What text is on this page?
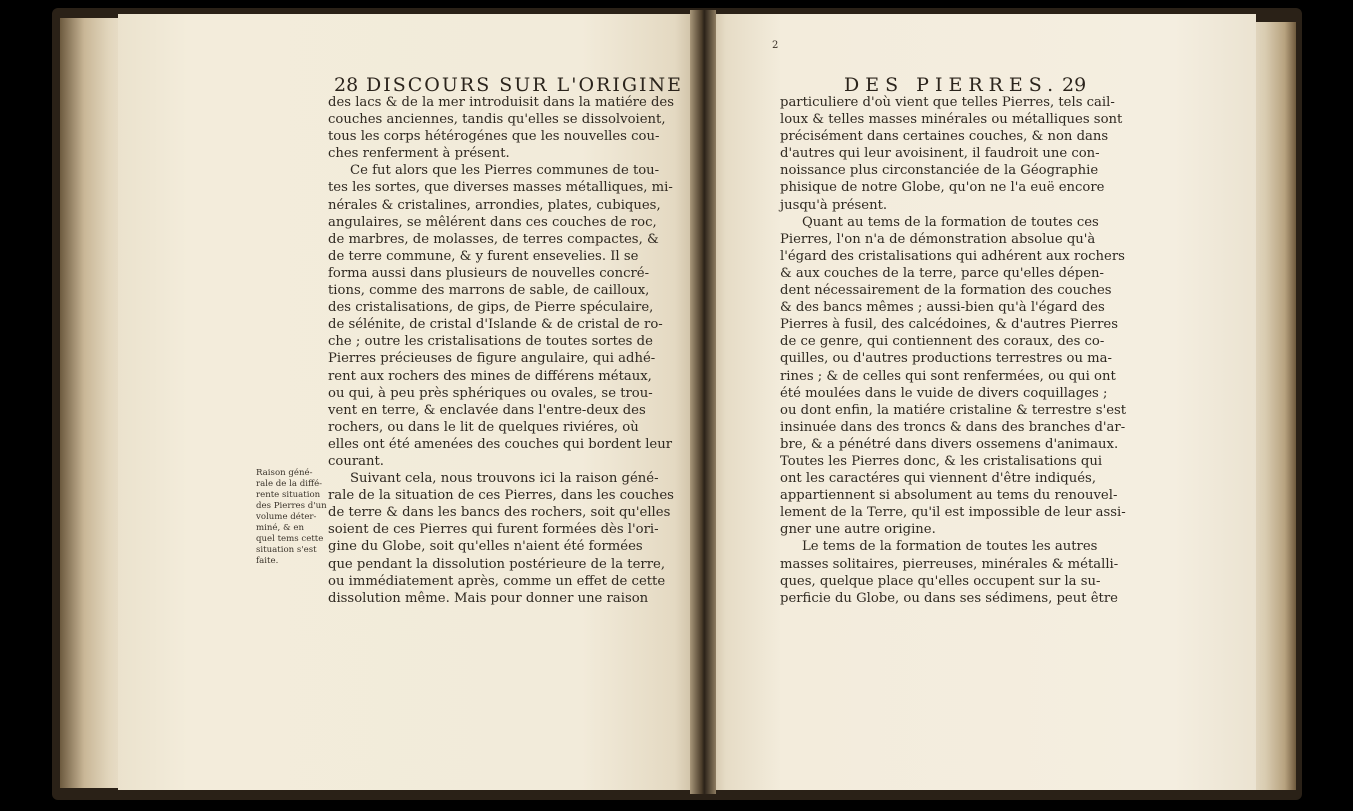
28 DISCOURS SUR L'ORIGINE
des lacs & de la mer introduisit dans la matiére des
couches anciennes, tandis qu'elles se dissolvoient,
tous les corps hétérogénes que les nouvelles cou-
ches renferment à présent.
Ce fut alors que les Pierres communes de tou-
tes les sortes, que diverses masses métalliques, mi-
nérales & cristalines, arrondies, plates, cubiques,
angulaires, se mêlérent dans ces couches de roc,
de marbres, de molasses, de terres compactes, &
de terre commune, & y furent ensevelies. Il se
forma aussi dans plusieurs de nouvelles concré-
tions, comme des marrons de sable, de cailloux,
des cristalisations, de gips, de Pierre spéculaire,
de sélénite, de cristal d'Islande & de cristal de ro-
che ; outre les cristalisations de toutes sortes de
Pierres précieuses de figure angulaire, qui adhé-
rent aux rochers des mines de différens métaux,
ou qui, à peu près sphériques ou ovales, se trou-
vent en terre, & enclavée dans l'entre-deux des
rochers, ou dans le lit de quelques riviéres, où
elles ont été amenées des couches qui bordent leur
courant.
Suivant cela, nous trouvons ici la raison géné-
rale de la situation de ces Pierres, dans les couches
de terre & dans les bancs des rochers, soit qu'elles
soient de ces Pierres qui furent formées dès l'ori-
gine du Globe, soit qu'elles n'aient été formées
que pendant la dissolution postérieure de la terre,
ou immédiatement après, comme un effet de cette
dissolution même. Mais pour donner une raison
Raison géné-
rale de la diffé-
rente situation
des Pierres d'un
volume déter-
miné, & en
quel tems cette
situation s'est
faite.
2
DES PIERRES. 29
particuliere d'où vient que telles Pierres, tels cail-
loux & telles masses minérales ou métalliques sont
précisément dans certaines couches, & non dans
d'autres qui leur avoisinent, il faudroit une con-
noissance plus circonstanciée de la Géographie
phisique de notre Globe, qu'on ne l'a euë encore
jusqu'à présent.
Quant au tems de la formation de toutes ces
Pierres, l'on n'a de démonstration absolue qu'à
l'égard des cristalisations qui adhérent aux rochers
& aux couches de la terre, parce qu'elles dépen-
dent nécessairement de la formation des couches
& des bancs mêmes ; aussi-bien qu'à l'égard des
Pierres à fusil, des calcédoines, & d'autres Pierres
de ce genre, qui contiennent des coraux, des co-
quilles, ou d'autres productions terrestres ou ma-
rines ; & de celles qui sont renfermées, ou qui ont
été moulées dans le vuide de divers coquillages ;
ou dont enfin, la matiére cristaline & terrestre s'est
insinuée dans des troncs & dans des branches d'ar-
bre, & a pénétré dans divers ossemens d'animaux.
Toutes les Pierres donc, & les cristalisations qui
ont les caractéres qui viennent d'être indiqués,
appartiennent si absolument au tems du renouvel-
lement de la Terre, qu'il est impossible de leur assi-
gner une autre origine.
Le tems de la formation de toutes les autres
masses solitaires, pierreuses, minérales & métalli-
ques, quelque place qu'elles occupent sur la su-
perficie du Globe, ou dans ses sédimens, peut être
